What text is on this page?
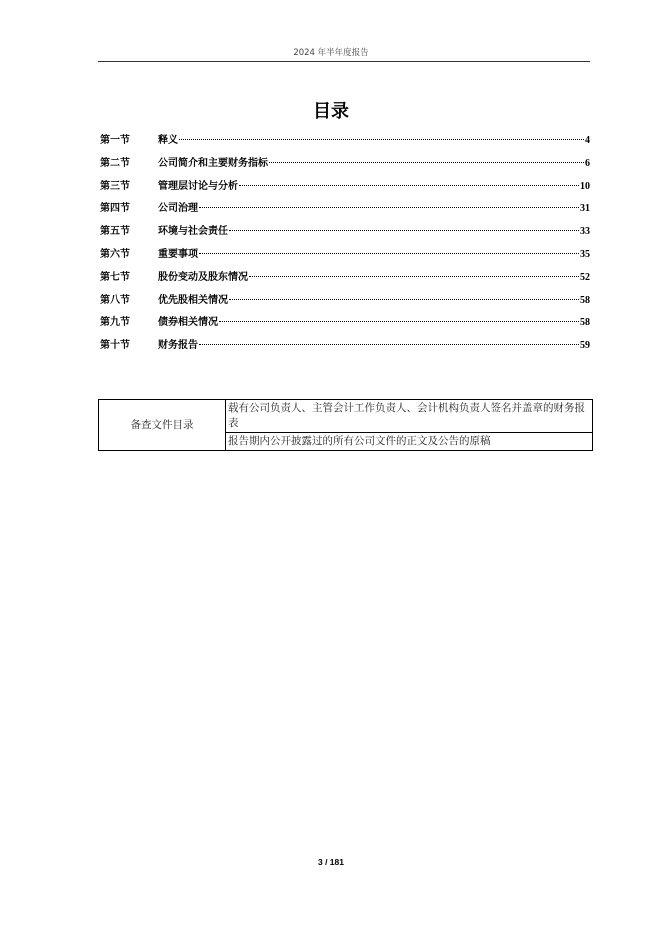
2024 年半年度报告
目录
第一节	释义	4
第二节	公司简介和主要财务指标	6
第三节	管理层讨论与分析	10
第四节	公司治理	31
第五节	环境与社会责任	33
第六节	重要事项	35
第七节	股份变动及股东情况	52
第八节	优先股相关情况	58
第九节	债券相关情况	58
第十节	财务报告	59
备查文件目录	载有公司负责人、主管会计工作负责人、会计机构负责人签名并盖章的财务报表
报告期内公开披露过的所有公司文件的正文及公告的原稿
3 / 181
